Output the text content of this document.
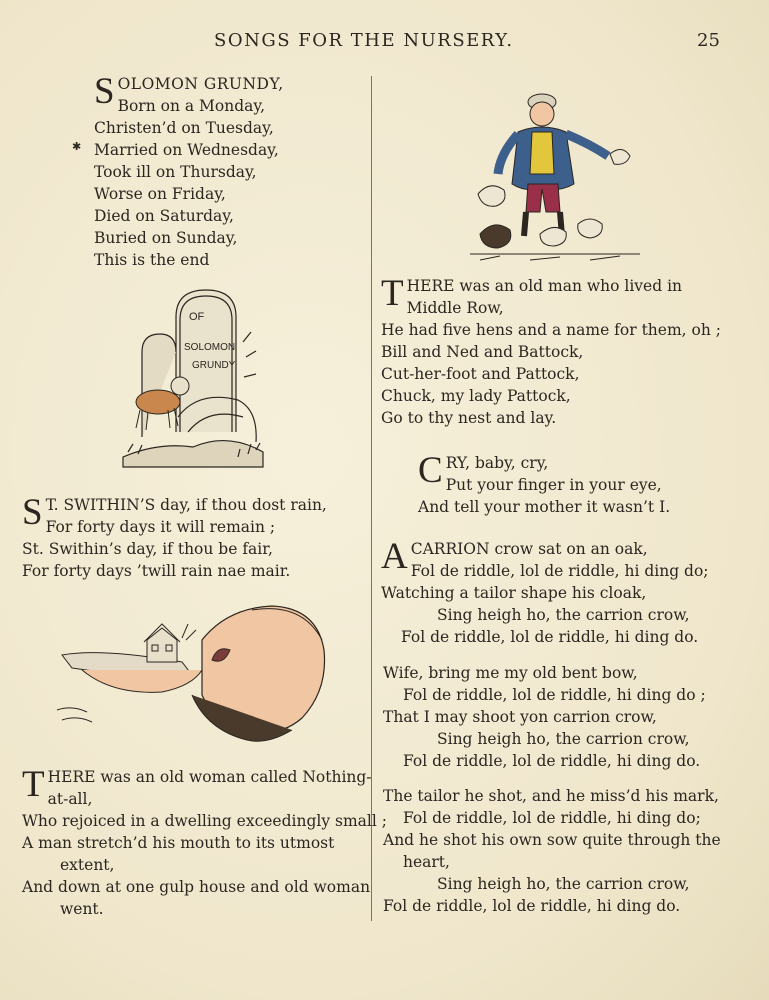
SONGS FOR THE NURSERY.	25
S OLOMON GRUNDY,
Born on a Monday,
Christen’d on Tuesday,
Married on Wednesday,
Took ill on Thursday,
Worse on Friday,
Died on Saturday,
Buried on Sunday,
This is the end
✱
OF
SOLOMON
GRUNDY
S T. SWITHIN’S day, if thou dost rain,
For forty days it will remain ;
St. Swithin’s day, if thou be fair,
For forty days ’twill rain nae mair.
T HERE was an old woman called Nothing-
at-all,
Who rejoiced in a dwelling exceedingly small ;
A man stretch’d his mouth to its utmost
extent,
And down at one gulp house and old woman
went.
T HERE was an old man who lived in
Middle Row,
He had five hens and a name for them, oh ;
Bill and Ned and Battock,
Cut-her-foot and Pattock,
Chuck, my lady Pattock,
Go to thy nest and lay.
C RY, baby, cry,
Put your finger in your eye,
And tell your mother it wasn’t I.
A CARRION crow sat on an oak,
Fol de riddle, lol de riddle, hi ding do;
Watching a tailor shape his cloak,
Sing heigh ho, the carrion crow,
Fol de riddle, lol de riddle, hi ding do.
Wife, bring me my old bent bow,
Fol de riddle, lol de riddle, hi ding do ;
That I may shoot yon carrion crow,
Sing heigh ho, the carrion crow,
Fol de riddle, lol de riddle, hi ding do.
The tailor he shot, and he miss’d his mark,
Fol de riddle, lol de riddle, hi ding do;
And he shot his own sow quite through the
heart,
Sing heigh ho, the carrion crow,
Fol de riddle, lol de riddle, hi ding do.
